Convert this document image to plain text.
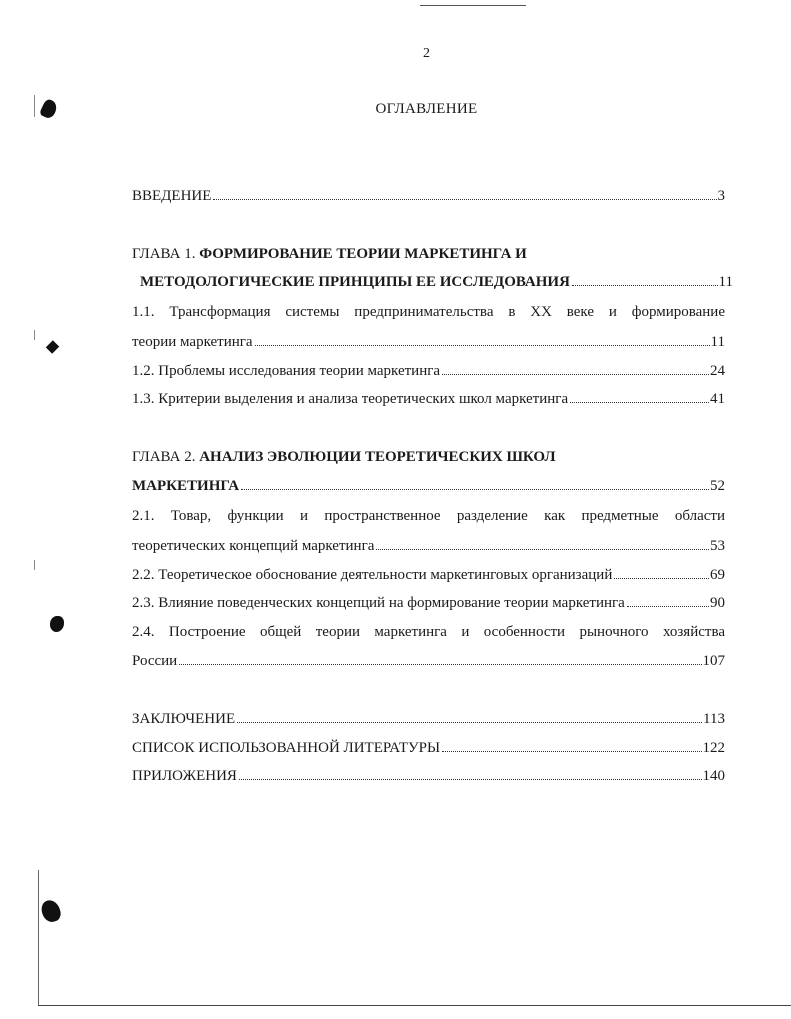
2
ОГЛАВЛЕНИЕ
ВВЕДЕНИЕ	3
ГЛАВА 1. ФОРМИРОВАНИЕ ТЕОРИИ МАРКЕТИНГА И
МЕТОДОЛОГИЧЕСКИЕ ПРИНЦИПЫ ЕЕ ИССЛЕДОВАНИЯ	11
1.1. Трансформация системы предпринимательства в XX веке и формирование
теории маркетинга	11
1.2. Проблемы исследования теории маркетинга	24
1.3. Критерии выделения и анализа теоретических школ маркетинга	41
ГЛАВА 2. АНАЛИЗ ЭВОЛЮЦИИ ТЕОРЕТИЧЕСКИХ ШКОЛ
МАРКЕТИНГА	52
2.1. Товар, функции и пространственное разделение как предметные области
теоретических концепций маркетинга	53
2.2. Теоретическое обоснование деятельности маркетинговых организаций	69
2.3. Влияние поведенческих концепций на формирование теории маркетинга	90
2.4. Построение общей теории маркетинга и особенности рыночного хозяйства
России	107
ЗАКЛЮЧЕНИЕ	113
СПИСОК ИСПОЛЬЗОВАННОЙ ЛИТЕРАТУРЫ	122
ПРИЛОЖЕНИЯ	140
